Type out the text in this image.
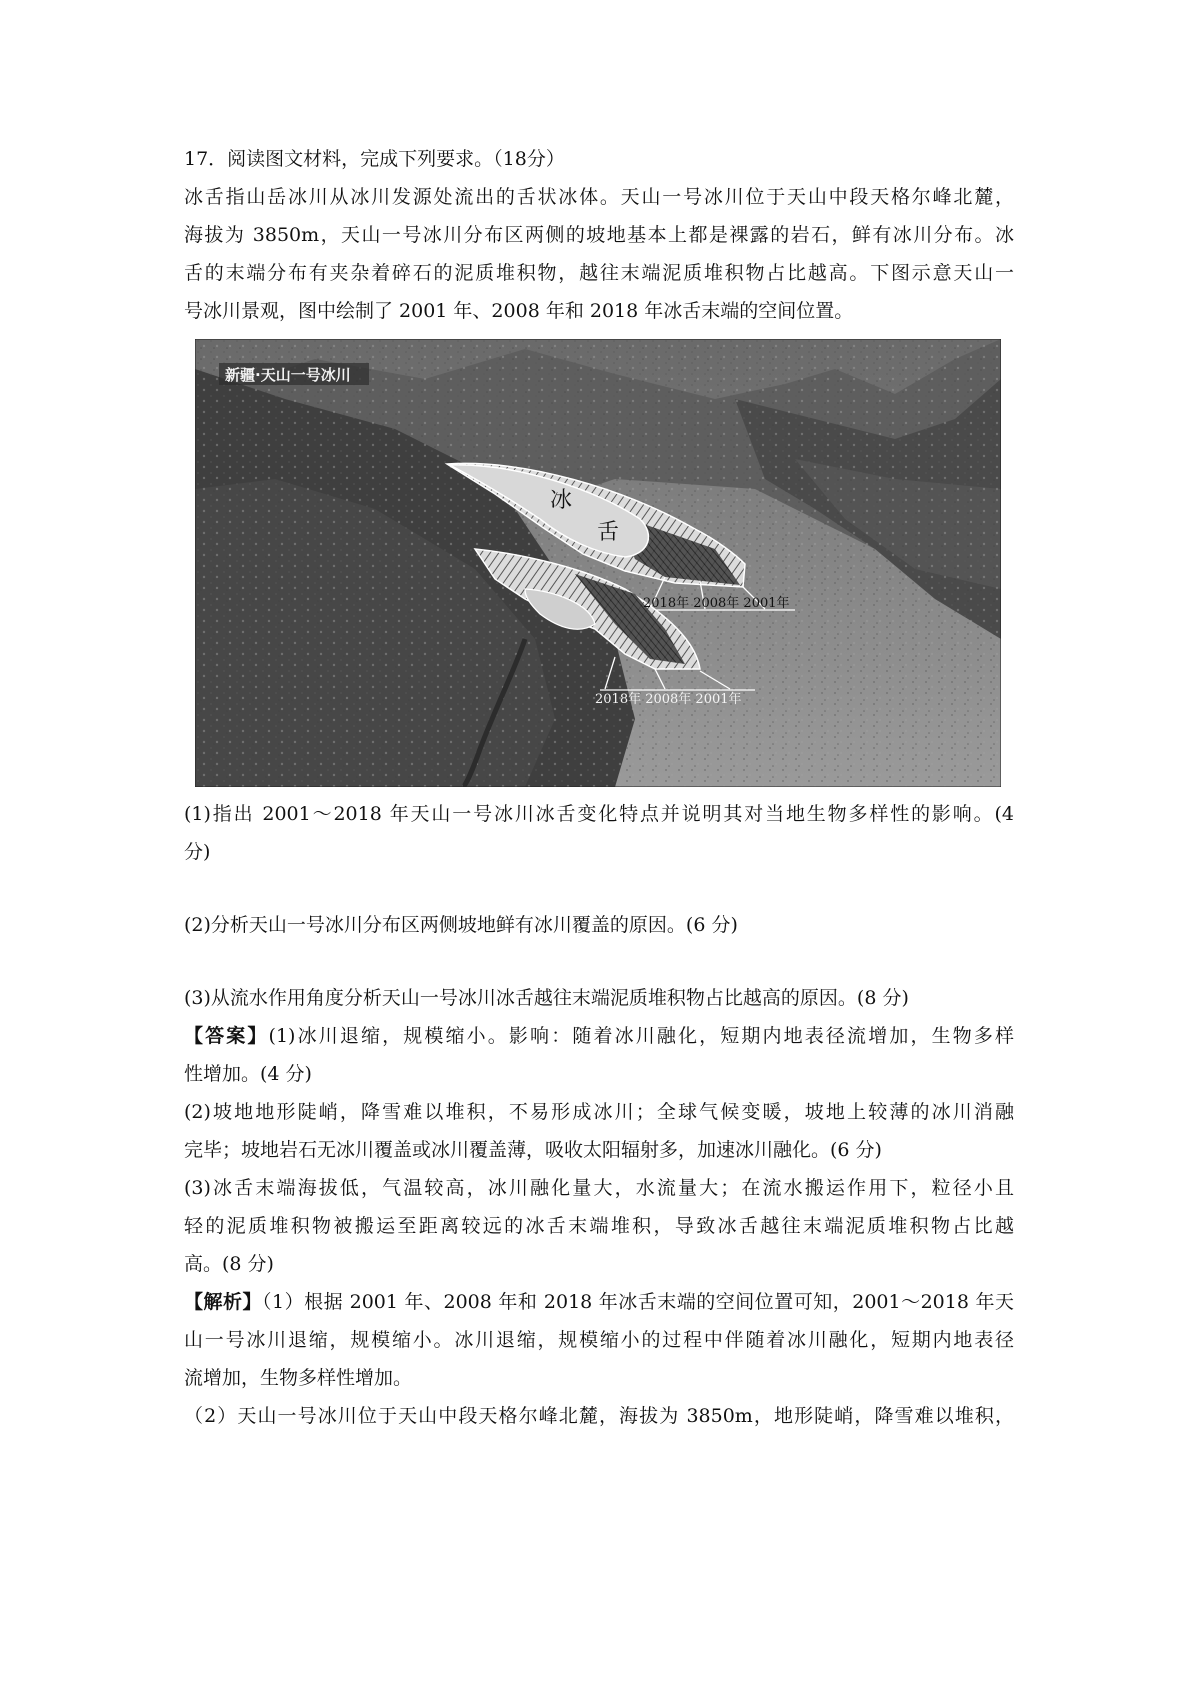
17．阅读图文材料，完成下列要求。（18分）

冰舌指山岳冰川从冰川发源处流出的舌状冰体。天山一号冰川位于天山中段天格尔峰北麓，

海拔为 3850m，天山一号冰川分布区两侧的坡地基本上都是裸露的岩石，鲜有冰川分布。冰

舌的末端分布有夹杂着碎石的泥质堆积物，越往末端泥质堆积物占比越高。下图示意天山一

号冰川景观，图中绘制了 2001 年、2008 年和 2018 年冰舌末端的空间位置。

新疆·天山一号冰川
冰
舌
2018年 2008年 2001年
2018年 2008年 2001年

(1)指出 2001～2018 年天山一号冰川冰舌变化特点并说明其对当地生物多样性的影响。(4

分)

(2)分析天山一号冰川分布区两侧坡地鲜有冰川覆盖的原因。(6 分)

(3)从流水作用角度分析天山一号冰川冰舌越往末端泥质堆积物占比越高的原因。(8 分)

【答案】(1)冰川退缩，规模缩小。影响：随着冰川融化，短期内地表径流增加，生物多样

性增加。(4 分)

(2)坡地地形陡峭，降雪难以堆积，不易形成冰川；全球气候变暖，坡地上较薄的冰川消融

完毕；坡地岩石无冰川覆盖或冰川覆盖薄，吸收太阳辐射多，加速冰川融化。(6 分)

(3)冰舌末端海拔低，气温较高，冰川融化量大，水流量大；在流水搬运作用下，粒径小且

轻的泥质堆积物被搬运至距离较远的冰舌末端堆积，导致冰舌越往末端泥质堆积物占比越

高。(8 分)

【解析】（1）根据 2001 年、2008 年和 2018 年冰舌末端的空间位置可知，2001～2018 年天

山一号冰川退缩，规模缩小。冰川退缩，规模缩小的过程中伴随着冰川融化，短期内地表径

流增加，生物多样性增加。

（2）天山一号冰川位于天山中段天格尔峰北麓，海拔为 3850m，地形陡峭，降雪难以堆积，
